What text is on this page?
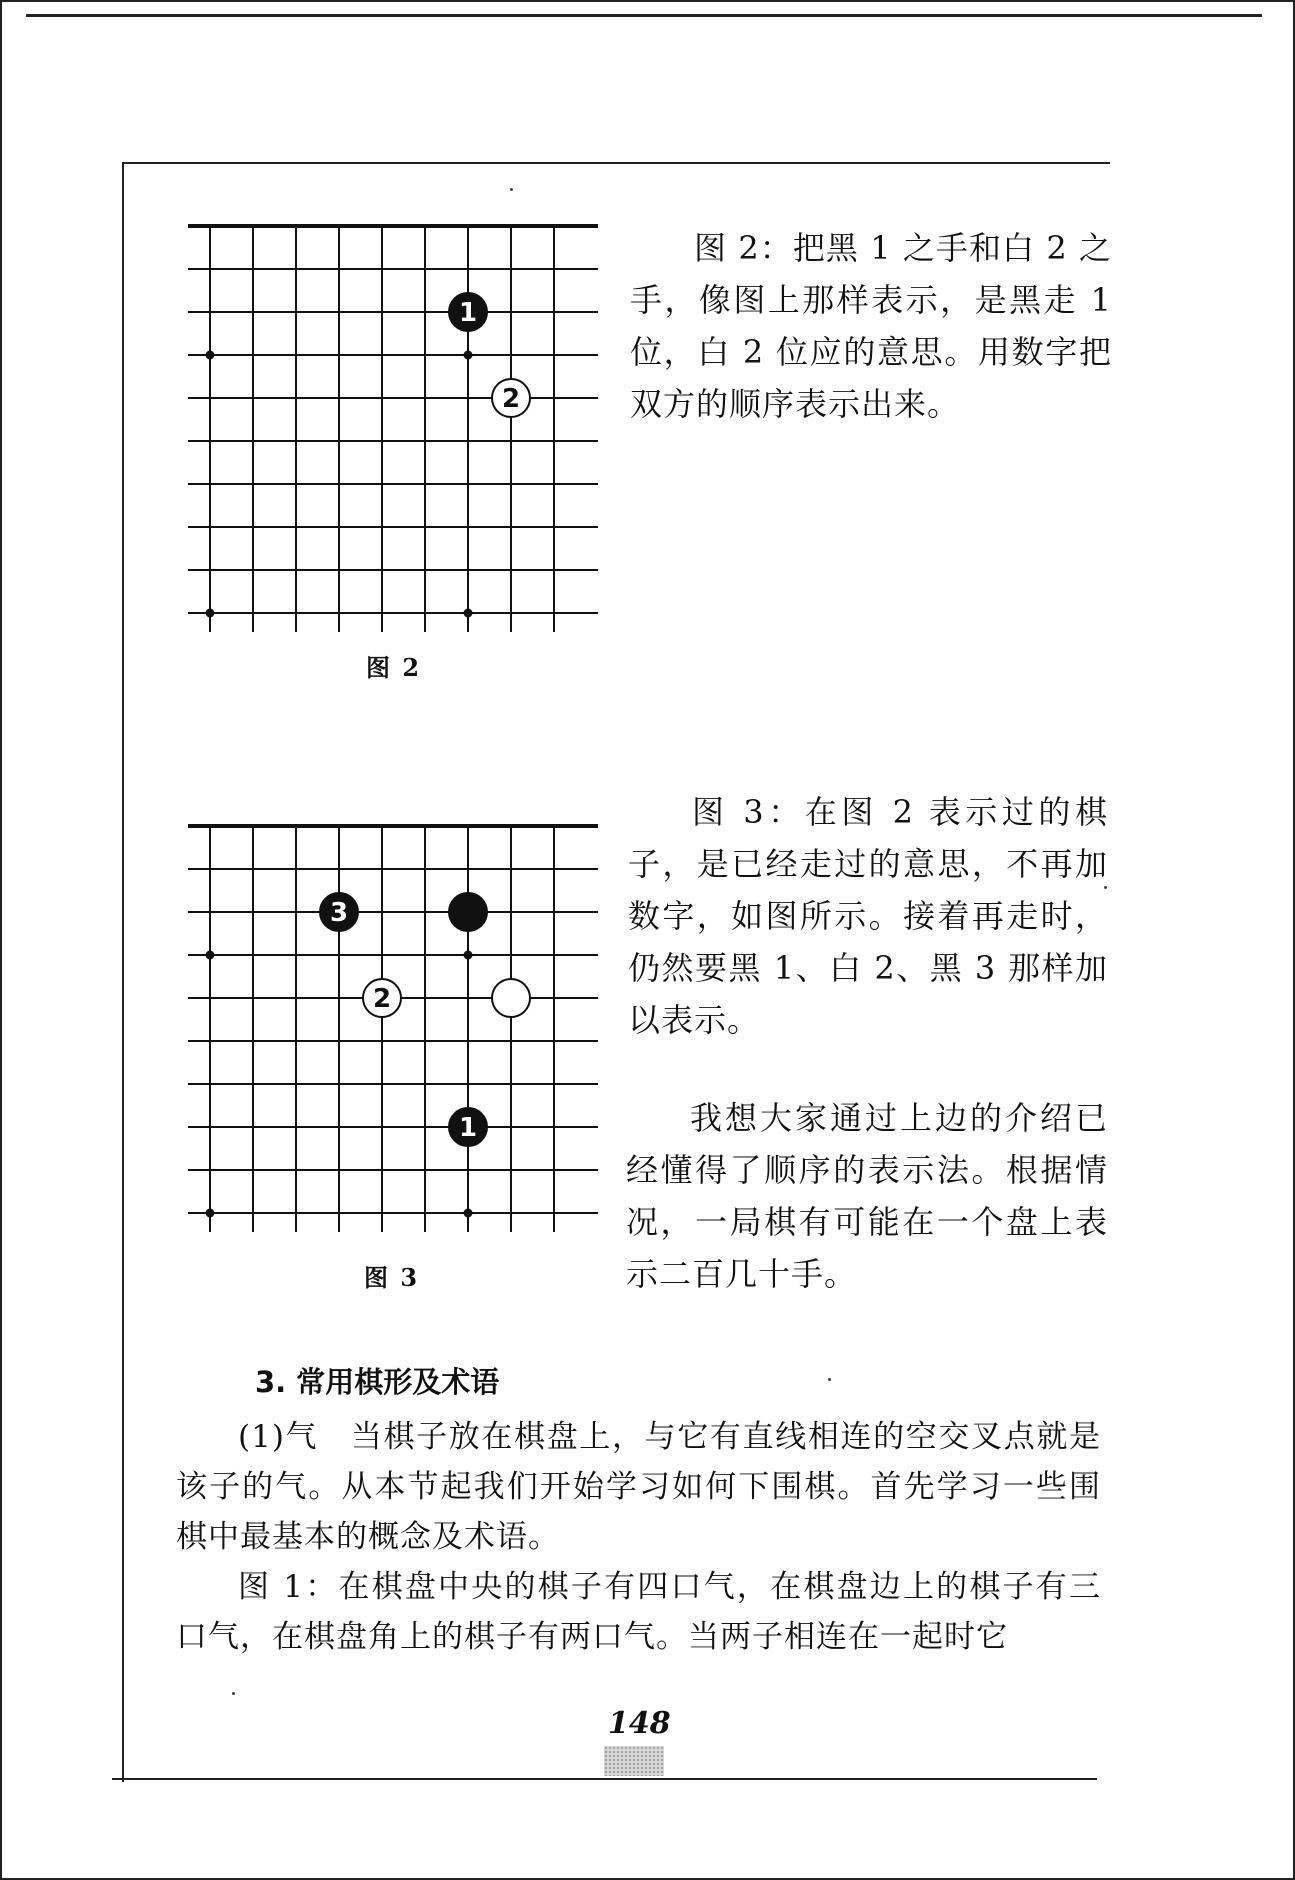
1
2
图 2

图 2：把黑 1 之手和白 2 之手，像图上那样表示，是黑走 1 位，白 2 位应的意思。用数字把双方的顺序表示出来。

3
2
1
图 3

图 3：在图 2 表示过的棋子，是已经走过的意思，不再加数字，如图所示。接着再走时，仍然要黑 1、白 2、黑 3 那样加以表示。

我想大家通过上边的介绍已经懂得了顺序的表示法。根据情况，一局棋有可能在一个盘上表示二百几十手。

3. 常用棋形及术语

(1)气　当棋子放在棋盘上，与它有直线相连的空交叉点就是该子的气。从本节起我们开始学习如何下围棋。首先学习一些围棋中最基本的概念及术语。

图 1：在棋盘中央的棋子有四口气，在棋盘边上的棋子有三口气，在棋盘角上的棋子有两口气。当两子相连在一起时它

148
